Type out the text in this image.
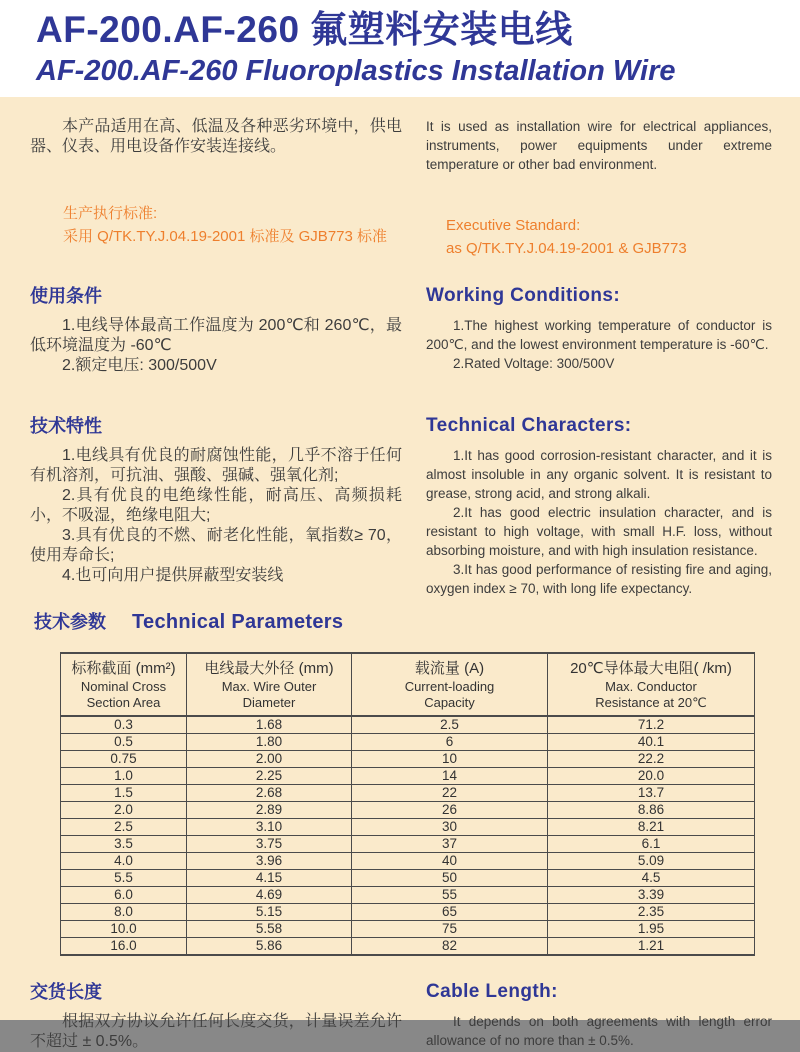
AF-200.AF-260 氟塑料安装电线
AF-200.AF-260 Fluoroplastics Installation Wire

本产品适用在高、低温及各种恶劣环境中，供电器、仪表、用电设备作安装连接线。

It is used as installation wire for electrical appliances, instruments, power equipments under extreme temperature or other bad environment.

生产执行标准:
采用 Q/TK.TY.J.04.19-2001 标准及 GJB773 标准
Executive Standard:
as Q/TK.TY.J.04.19-2001 & GJB773
使用条件

1.电线导体最高工作温度为 200℃和 260℃，最低环境温度为 -60℃

2.额定电压: 300/500V

Working Conditions:

1.The highest working temperature of conductor is 200℃, and the lowest environment temperature is -60℃.

2.Rated Voltage: 300/500V

技术特性

1.电线具有优良的耐腐蚀性能，几乎不溶于任何有机溶剂，可抗油、强酸、强碱、强氧化剂;

2.具有优良的电绝缘性能，耐高压、高频损耗小，不吸湿，绝缘电阻大;

3.具有优良的不燃、耐老化性能，氧指数≥ 70，使用寿命长;

4.也可向用户提供屏蔽型安装线

Technical Characters:

1.It has good corrosion-resistant character, and it is almost insoluble in any organic solvent. It is resistant to grease, strong acid, and strong alkali.

2.It has good electric insulation character, and is resistant to high voltage, with small H.F. loss, without absorbing moisture, and with high insulation resistance.

3.It has good performance of resisting fire and aging, oxygen index ≥ 70, with long life expectancy.

技术参数 Technical Parameters
标称截面 (mm²)
Nominal Cross
Section Area

电线最大外径 (mm)
Max. Wire Outer
Diameter

载流量 (A)
Current-loading
Capacity

20℃导体最大电阻( /km)
Max. Conductor
Resistance at 20℃

0.3	1.68	2.5	71.2
0.5	1.80	6	40.1
0.75	2.00	10	22.2
1.0	2.25	14	20.0
1.5	2.68	22	13.7
2.0	2.89	26	8.86
2.5	3.10	30	8.21
3.5	3.75	37	6.1
4.0	3.96	40	5.09
5.5	4.15	50	4.5
6.0	4.69	55	3.39
8.0	5.15	65	2.35
10.0	5.58	75	1.95
16.0	5.86	82	1.21
交货长度

根据双方协议允许任何长度交货，计量误差允许不超过 ± 0.5%。

Cable Length:

It depends on both agreements with length error allowance of no more than ± 0.5%.
